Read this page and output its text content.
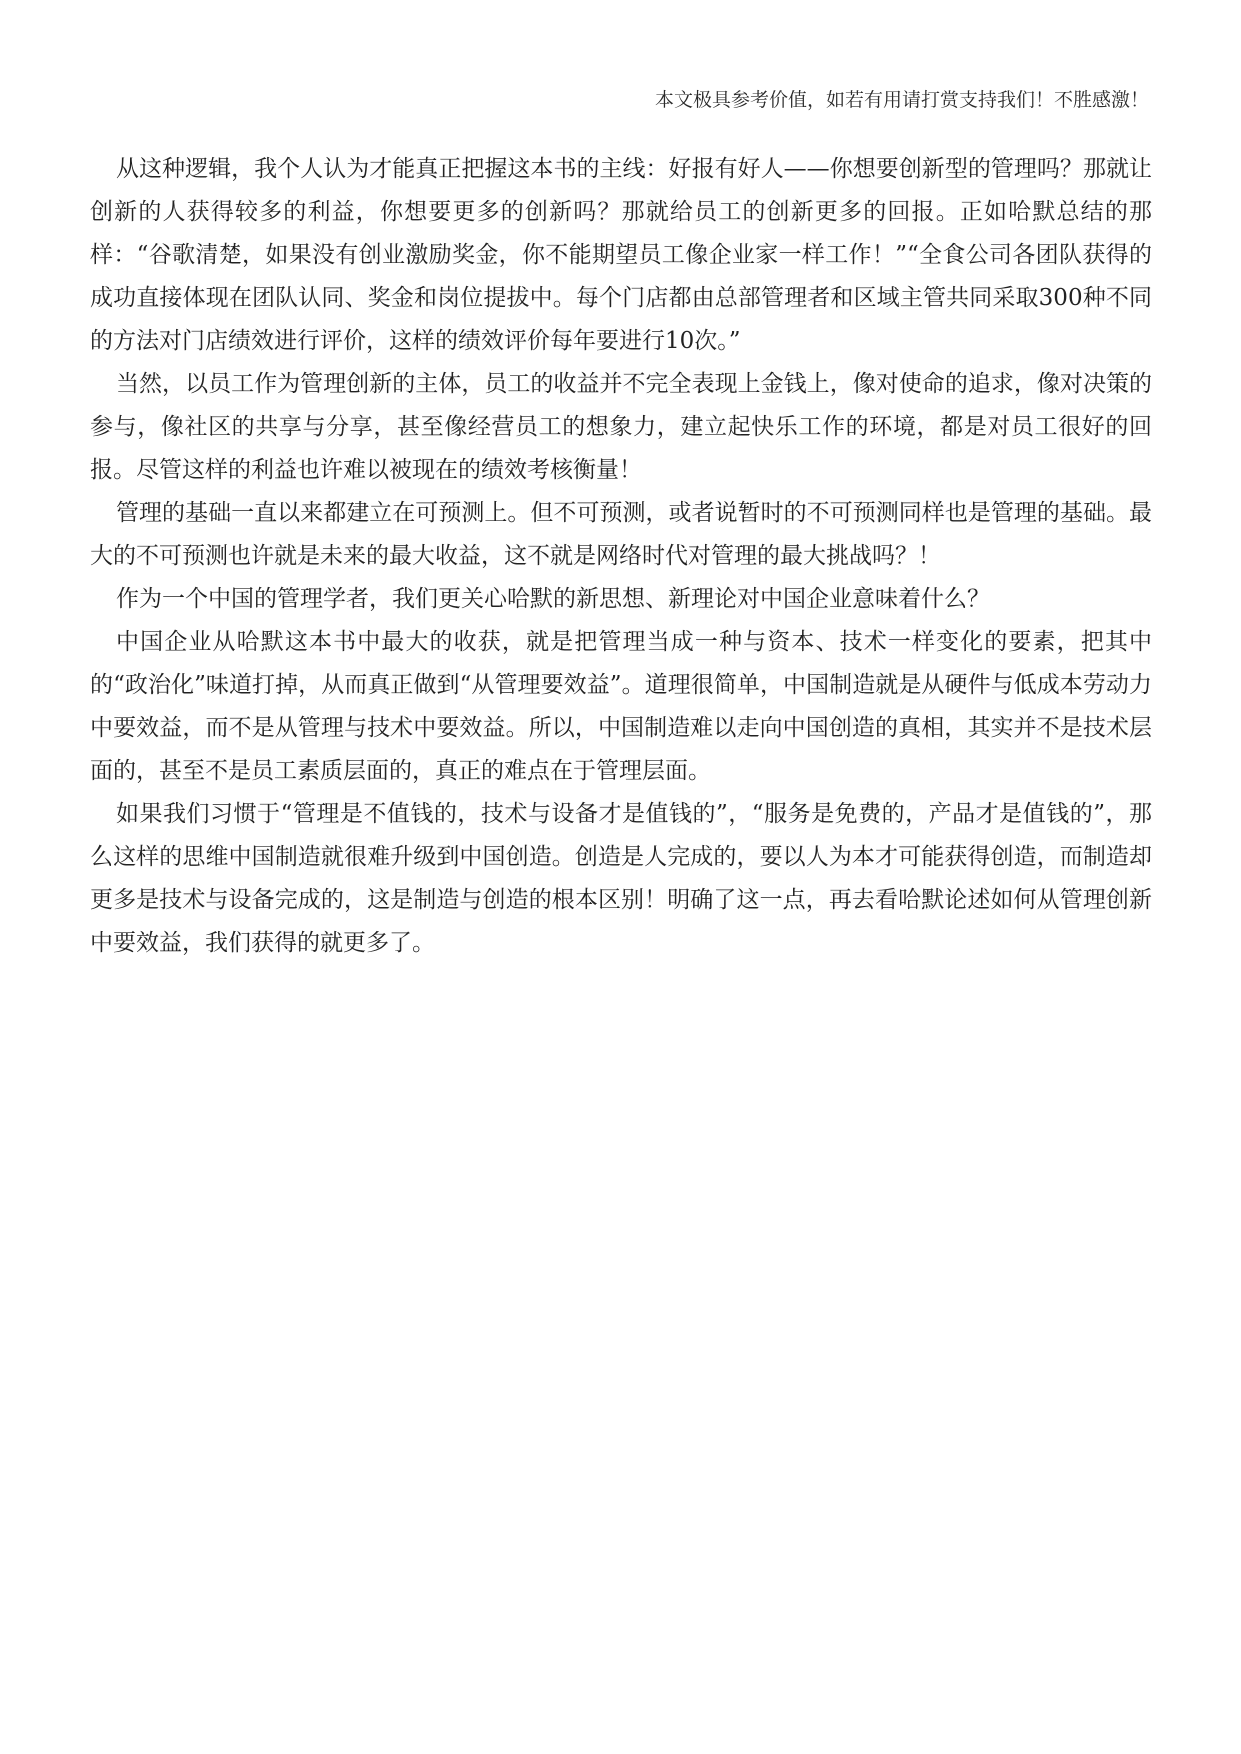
本文极具参考价值，如若有用请打赏支持我们！不胜感激！

从这种逻辑，我个人认为才能真正把握这本书的主线：好报有好人——你想要创新型的管理吗？那就让创新的人获得较多的利益，你想要更多的创新吗？那就给员工的创新更多的回报。正如哈默总结的那样：“谷歌清楚，如果没有创业激励奖金，你不能期望员工像企业家一样工作！”“全食公司各团队获得的成功直接体现在团队认同、奖金和岗位提拔中。每个门店都由总部管理者和区域主管共同采取300种不同的方法对门店绩效进行评价，这样的绩效评价每年要进行10次。”

当然，以员工作为管理创新的主体，员工的收益并不完全表现上金钱上，像对使命的追求，像对决策的参与，像社区的共享与分享，甚至像经营员工的想象力，建立起快乐工作的环境，都是对员工很好的回报。尽管这样的利益也许难以被现在的绩效考核衡量！

管理的基础一直以来都建立在可预测上。但不可预测，或者说暂时的不可预测同样也是管理的基础。最大的不可预测也许就是未来的最大收益，这不就是网络时代对管理的最大挑战吗？！

作为一个中国的管理学者，我们更关心哈默的新思想、新理论对中国企业意味着什么？

中国企业从哈默这本书中最大的收获，就是把管理当成一种与资本、技术一样变化的要素，把其中的“政治化”味道打掉，从而真正做到“从管理要效益”。道理很简单，中国制造就是从硬件与低成本劳动力中要效益，而不是从管理与技术中要效益。所以，中国制造难以走向中国创造的真相，其实并不是技术层面的，甚至不是员工素质层面的，真正的难点在于管理层面。

如果我们习惯于“管理是不值钱的，技术与设备才是值钱的”，“服务是免费的，产品才是值钱的”，那么这样的思维中国制造就很难升级到中国创造。创造是人完成的，要以人为本才可能获得创造，而制造却更多是技术与设备完成的，这是制造与创造的根本区别！明确了这一点，再去看哈默论述如何从管理创新中要效益，我们获得的就更多了。
